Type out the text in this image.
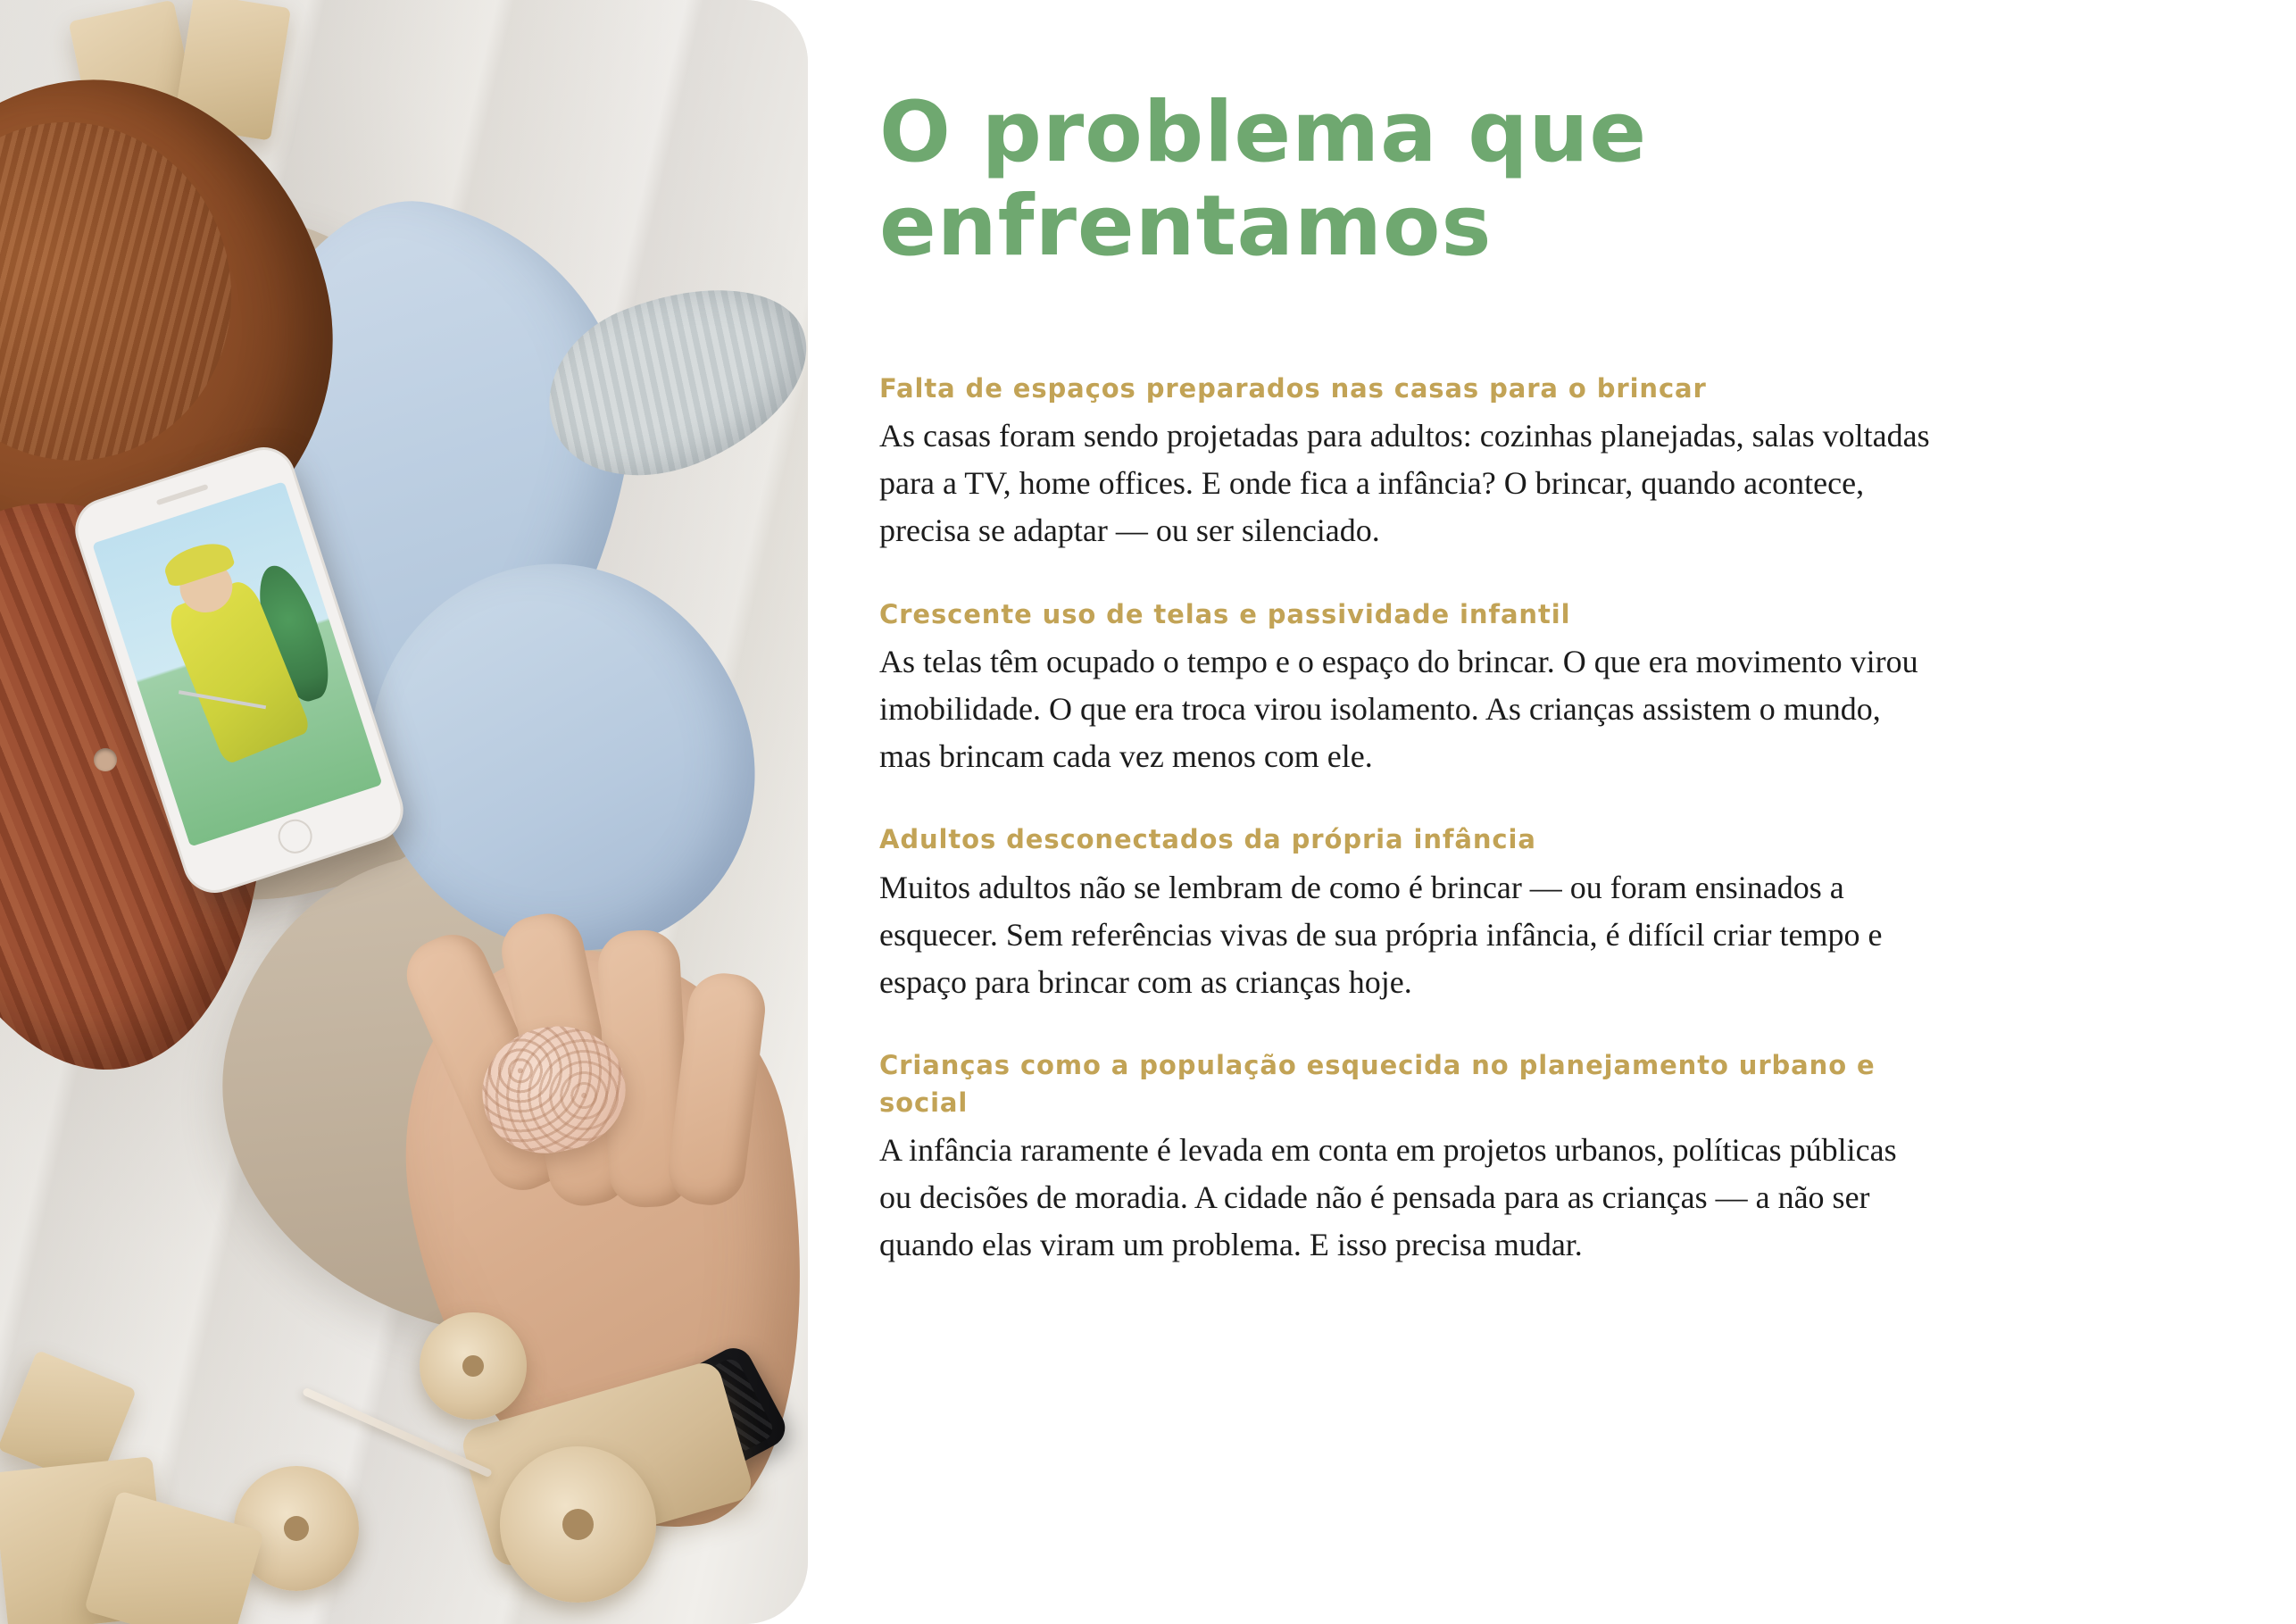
O problema que enfrentamos
Falta de espaços preparados nas casas para o brincar

As casas foram sendo projetadas para adultos: cozinhas planejadas, salas voltadas para a TV, home offices. E onde fica a infância? O brincar, quando acontece, precisa se adaptar — ou ser silenciado.

Crescente uso de telas e passividade infantil

As telas têm ocupado o tempo e o espaço do brincar. O que era movimento virou imobilidade. O que era troca virou isolamento. As crianças assistem o mundo, mas brincam cada vez menos com ele.

Adultos desconectados da própria infância

Muitos adultos não se lembram de como é brincar — ou foram ensinados a esquecer. Sem referências vivas de sua própria infância, é difícil criar tempo e espaço para brincar com as crianças hoje.

Crianças como a população esquecida no planejamento urbano e social

A infância raramente é levada em conta em projetos urbanos, políticas públicas ou decisões de moradia. A cidade não é pensada para as crianças — a não ser quando elas viram um problema. E isso precisa mudar.
